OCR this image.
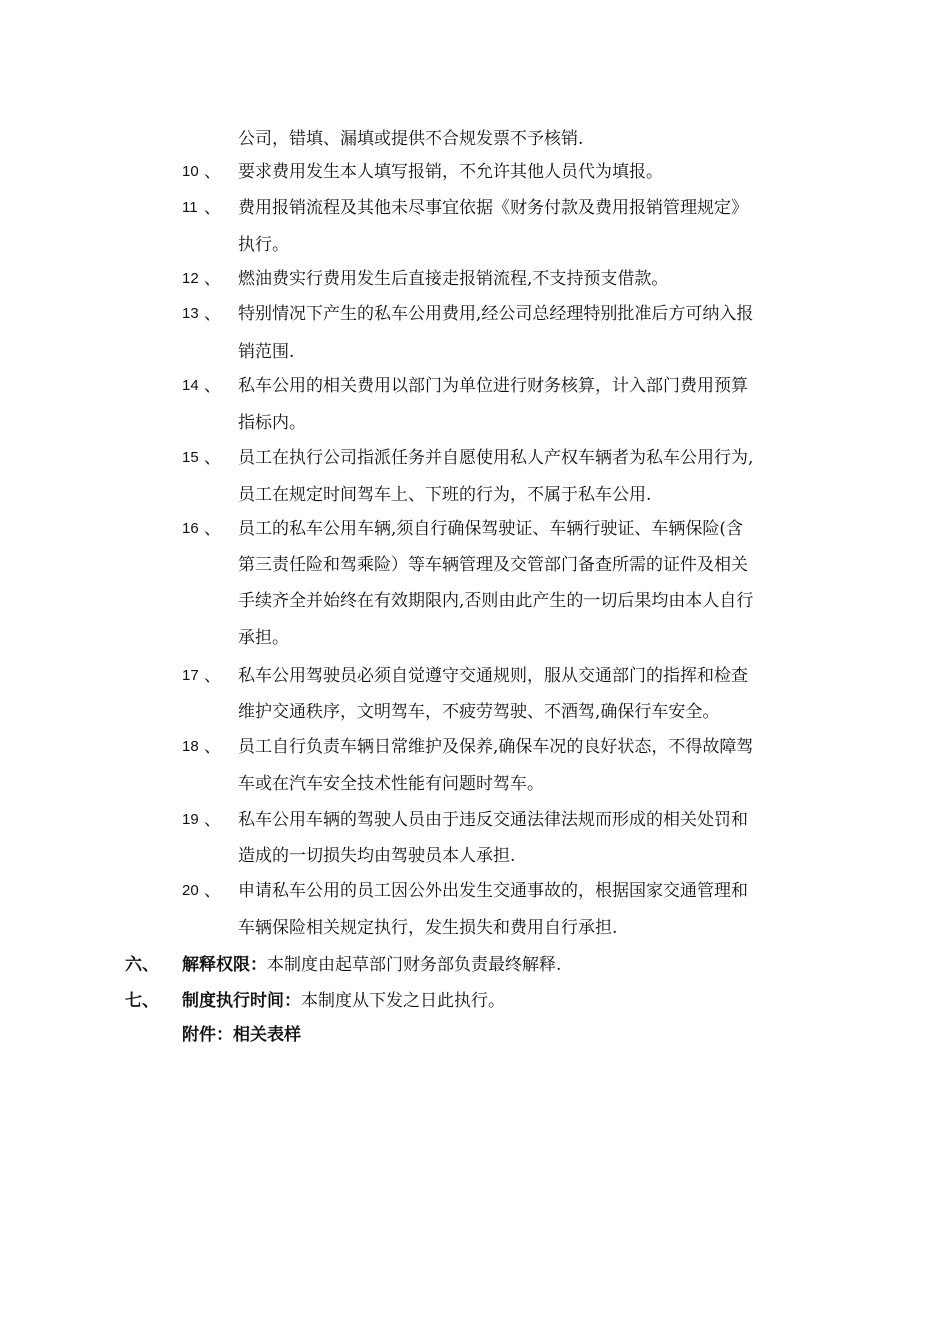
公司，错填、漏填或提供不合规发票不予核销.
10 、 要求费用发生本人填写报销，不允许其他人员代为填报。
11 、 费用报销流程及其他未尽事宜依据《财务付款及费用报销管理规定》
执行。
12 、 燃油费实行费用发生后直接走报销流程,不支持预支借款。
13 、 特别情况下产生的私车公用费用,经公司总经理特别批准后方可纳入报
销范围.
14 、 私车公用的相关费用以部门为单位进行财务核算，计入部门费用预算
指标内。
15 、 员工在执行公司指派任务并自愿使用私人产权车辆者为私车公用行为,
员工在规定时间驾车上、下班的行为，不属于私车公用.
16 、 员工的私车公用车辆,须自行确保驾驶证、车辆行驶证、车辆保险(含
第三责任险和驾乘险）等车辆管理及交管部门备查所需的证件及相关
手续齐全并始终在有效期限内,否则由此产生的一切后果均由本人自行
承担。
17 、 私车公用驾驶员必须自觉遵守交通规则，服从交通部门的指挥和检查
维护交通秩序，文明驾车，不疲劳驾驶、不酒驾,确保行车安全。
18 、 员工自行负责车辆日常维护及保养,确保车况的良好状态，不得故障驾
车或在汽车安全技术性能有问题时驾车。
19 、 私车公用车辆的驾驶人员由于违反交通法律法规而形成的相关处罚和
造成的一切损失均由驾驶员本人承担.
20 、 申请私车公用的员工因公外出发生交通事故的，根据国家交通管理和
车辆保险相关规定执行，发生损失和费用自行承担.
六、 解释权限：本制度由起草部门财务部负责最终解释.
七、 制度执行时间：本制度从下发之日此执行。
附件：相关表样
